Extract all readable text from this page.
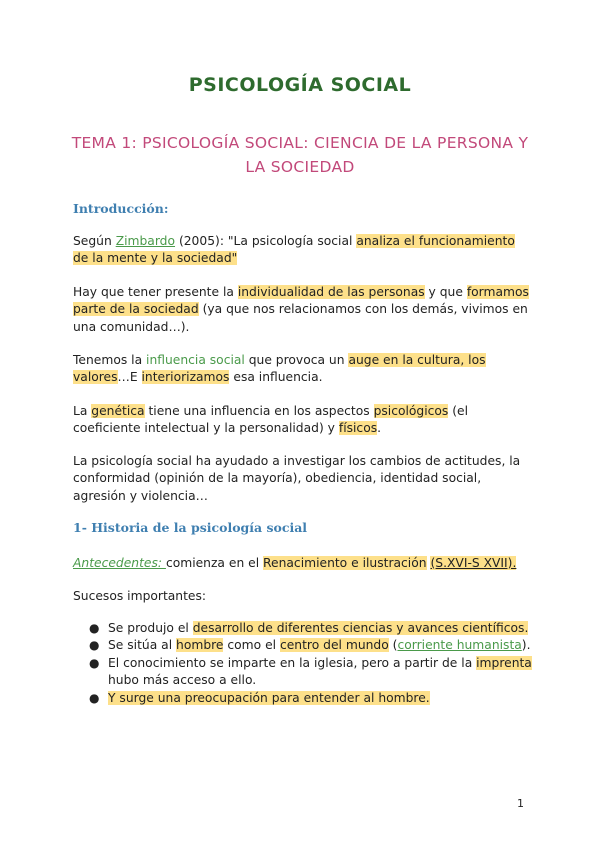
PSICOLOGÍA SOCIAL
TEMA 1: PSICOLOGÍA SOCIAL: CIENCIA DE LA PERSONA Y LA SOCIEDAD
Introducción:
Según Zimbardo (2005): "La psicología social analiza el funcionamiento de la mente y la sociedad"
Hay que tener presente la individualidad de las personas y que formamos parte de la sociedad (ya que nos relacionamos con los demás, vivimos en una comunidad…).
Tenemos la influencia social que provoca un auge en la cultura, los valores…E interiorizamos esa influencia.
La genética tiene una influencia en los aspectos psicológicos (el coeficiente intelectual y la personalidad) y físicos.
La psicología social ha ayudado a investigar los cambios de actitudes, la conformidad (opinión de la mayoría), obediencia, identidad social, agresión y violencia…
1- Historia de la psicología social
Antecedentes: comienza en el Renacimiento e ilustración (S.XVI-S XVII).
Sucesos importantes:
● Se produjo el desarrollo de diferentes ciencias y avances científicos.
● Se sitúa al hombre como el centro del mundo (corriente humanista).
● El conocimiento se imparte en la iglesia, pero a partir de la imprenta hubo más acceso a ello.
● Y surge una preocupación para entender al hombre.
1
